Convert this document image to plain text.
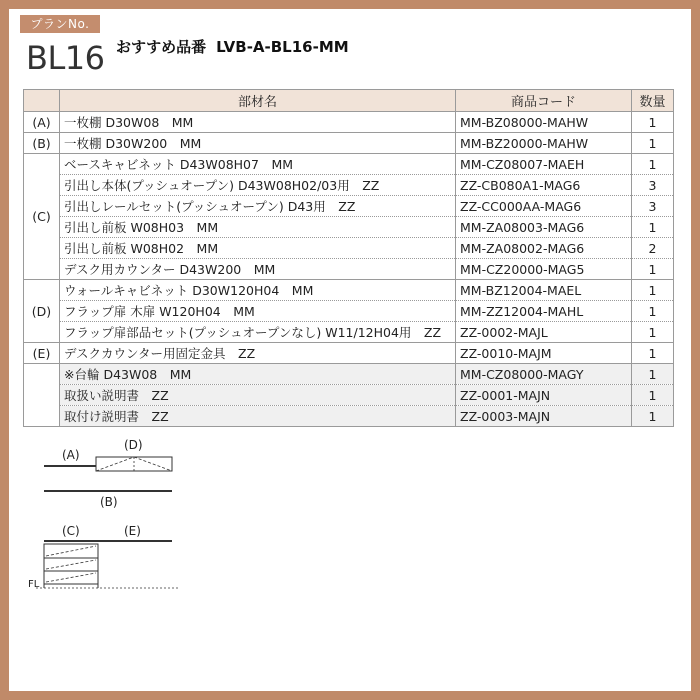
プランNo.
BL16 おすすめ品番 LVB-A-BL16-MM
	部材名	商品コード	数量
(A)	一枚棚 D30W08　MM	MM-BZ08000-MAHW	1
(B)	一枚棚 D30W200　MM	MM-BZ20000-MAHW	1
(C)	ベースキャビネット D43W08H07　MM	MM-CZ08007-MAEH	1
	引出し本体(プッシュオープン) D43W08H02/03用　ZZ	ZZ-CB080A1-MAG6	3
	引出しレールセット(プッシュオープン) D43用　ZZ	ZZ-CC000AA-MAG6	3
	引出し前板 W08H03　MM	MM-ZA08003-MAG6	1
	引出し前板 W08H02　MM	MM-ZA08002-MAG6	2
	デスク用カウンター D43W200　MM	MM-CZ20000-MAG5	1
(D)	ウォールキャビネット D30W120H04　MM	MM-BZ12004-MAEL	1
	フラップ扉 木扉 W120H04　MM	MM-ZZ12004-MAHL	1
	フラップ扉部品セット(プッシュオープンなし) W11/12H04用　ZZ	ZZ-0002-MAJL	1
(E)	デスクカウンター用固定金具　ZZ	ZZ-0010-MAJM	1
	※台輪 D43W08　MM	MM-CZ08000-MAGY	1
	取扱い説明書　ZZ	ZZ-0001-MAJN	1
	取付け説明書　ZZ	ZZ-0003-MAJN	1
(A)
(D)
(B)
(C)	(E)
FL
